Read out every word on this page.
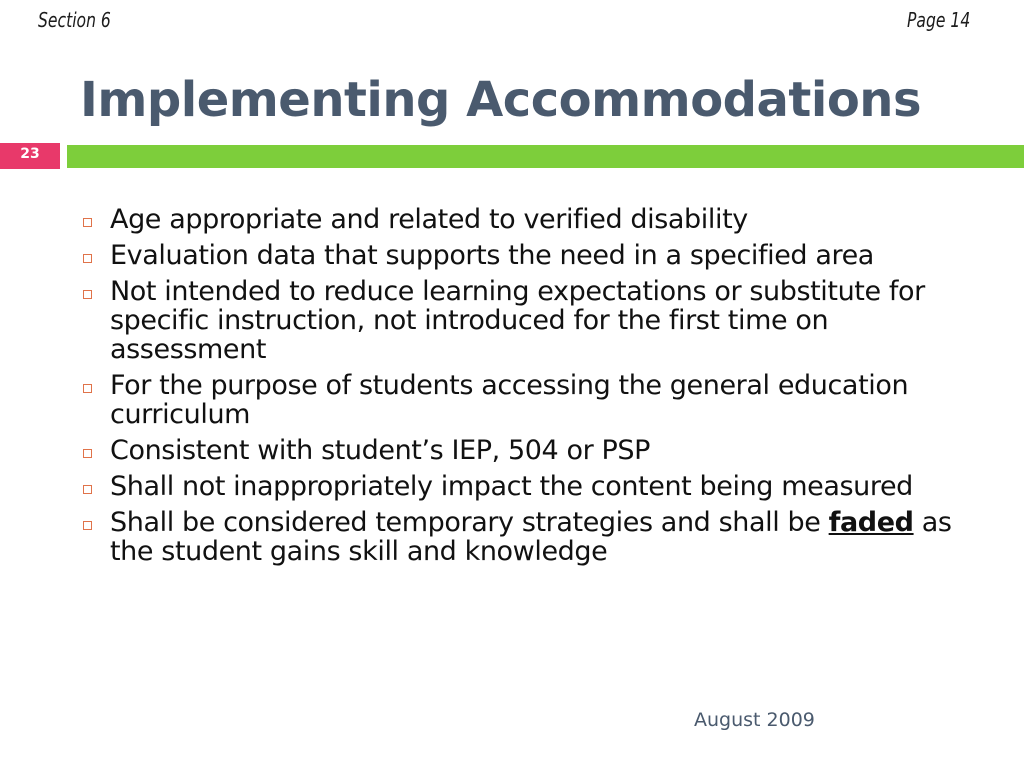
Section 6	Page 14
Implementing Accommodations
23
Age appropriate and related to verified disability
Evaluation data that supports the need in a specified area
Not intended to reduce learning expectations or substitute for specific instruction, not introduced for the first time on assessment
For the purpose of students accessing the general education curriculum
Consistent with student’s IEP, 504 or PSP
Shall not inappropriately impact the content being measured
Shall be considered temporary strategies and shall be faded as the student gains skill and knowledge
August 2009
